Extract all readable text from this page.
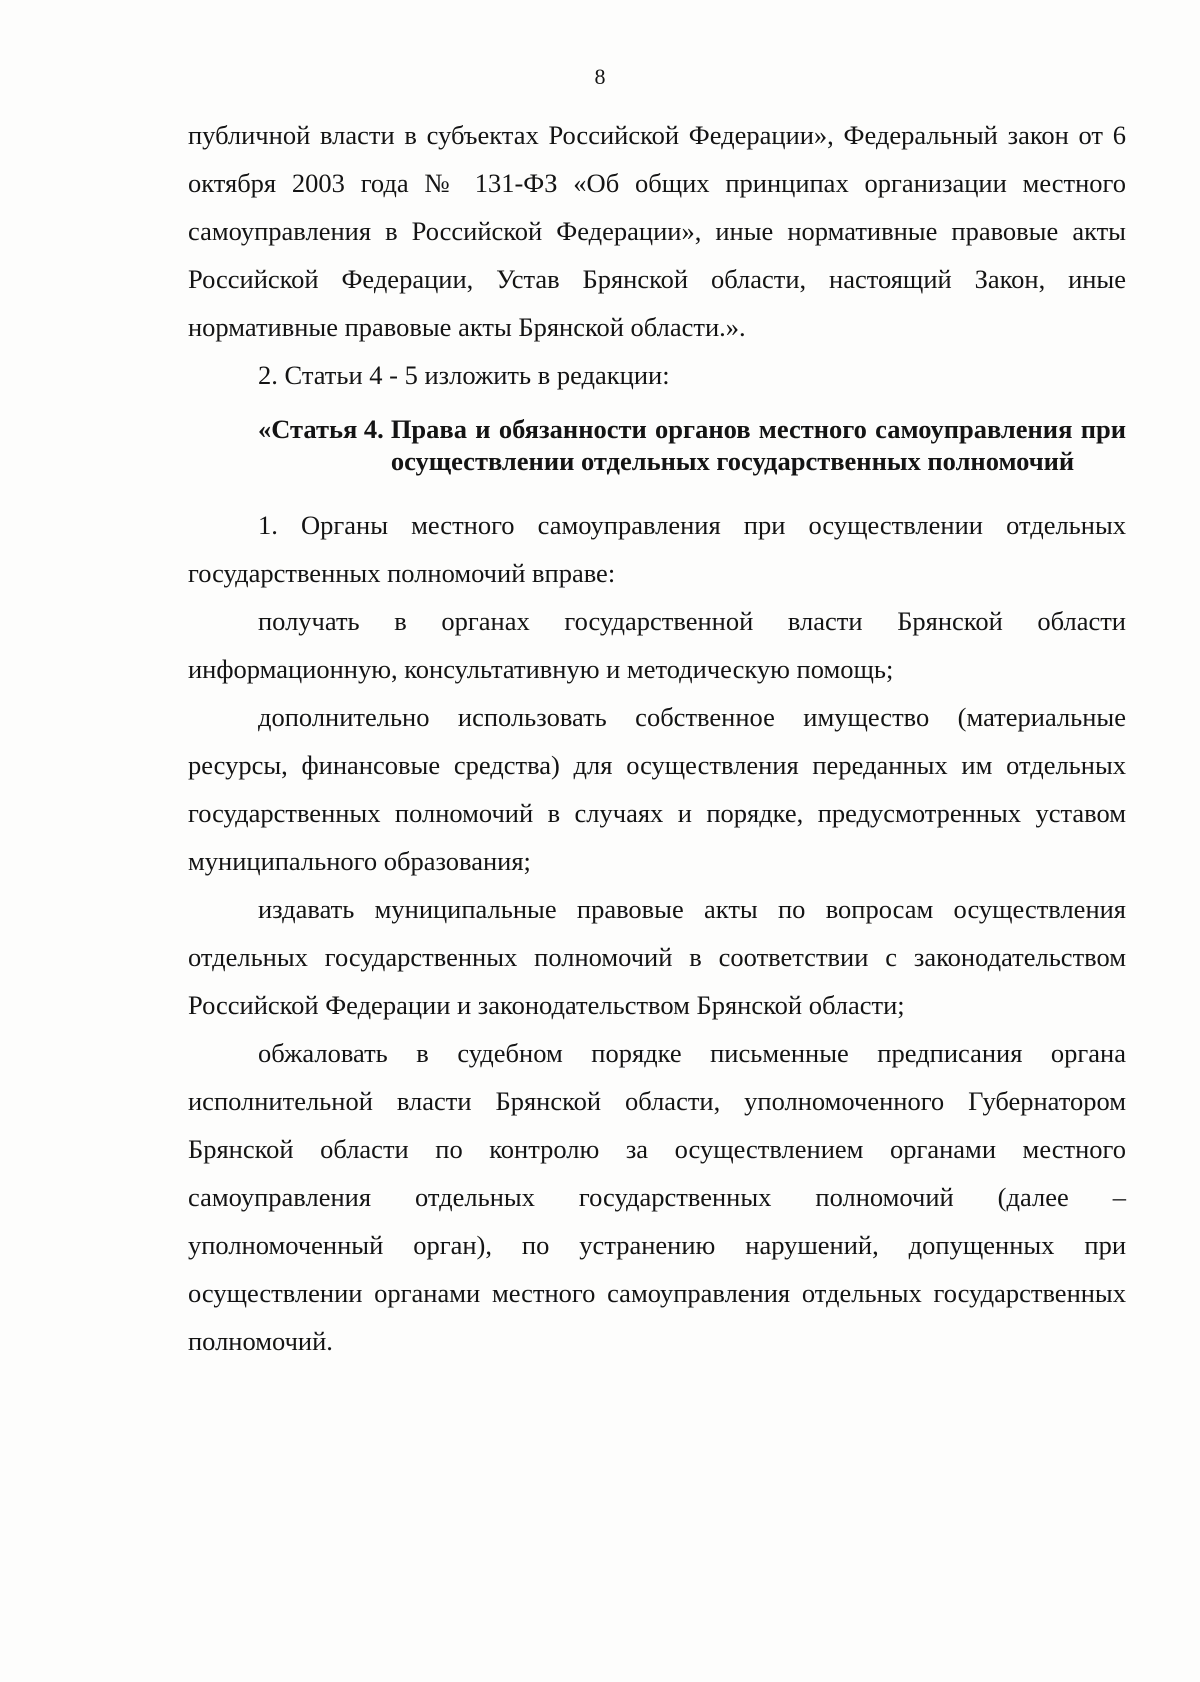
8

публичной власти в субъектах Российской Федерации», Федеральный закон от 6 октября 2003 года № 131-ФЗ «Об общих принципах организации местного самоуправления в Российской Федерации», иные нормативные правовые акты Российской Федерации, Устав Брянской области, настоящий Закон, иные нормативные правовые акты Брянской области.».

2. Статьи 4 - 5 изложить в редакции:

«Статья 4. Права и обязанности органов местного самоуправления при осуществлении отдельных государственных полномочий

1. Органы местного самоуправления при осуществлении отдельных государственных полномочий вправе:

получать в органах государственной власти Брянской области информационную, консультативную и методическую помощь;

дополнительно использовать собственное имущество (материальные ресурсы, финансовые средства) для осуществления переданных им отдельных государственных полномочий в случаях и порядке, предусмотренных уставом муниципального образования;

издавать муниципальные правовые акты по вопросам осуществления отдельных государственных полномочий в соответствии с законодательством Российской Федерации и законодательством Брянской области;

обжаловать в судебном порядке письменные предписания органа исполнительной власти Брянской области, уполномоченного Губернатором Брянской области по контролю за осуществлением органами местного самоуправления отдельных государственных полномочий (далее – уполномоченный орган), по устранению нарушений, допущенных при осуществлении органами местного самоуправления отдельных государственных полномочий.
